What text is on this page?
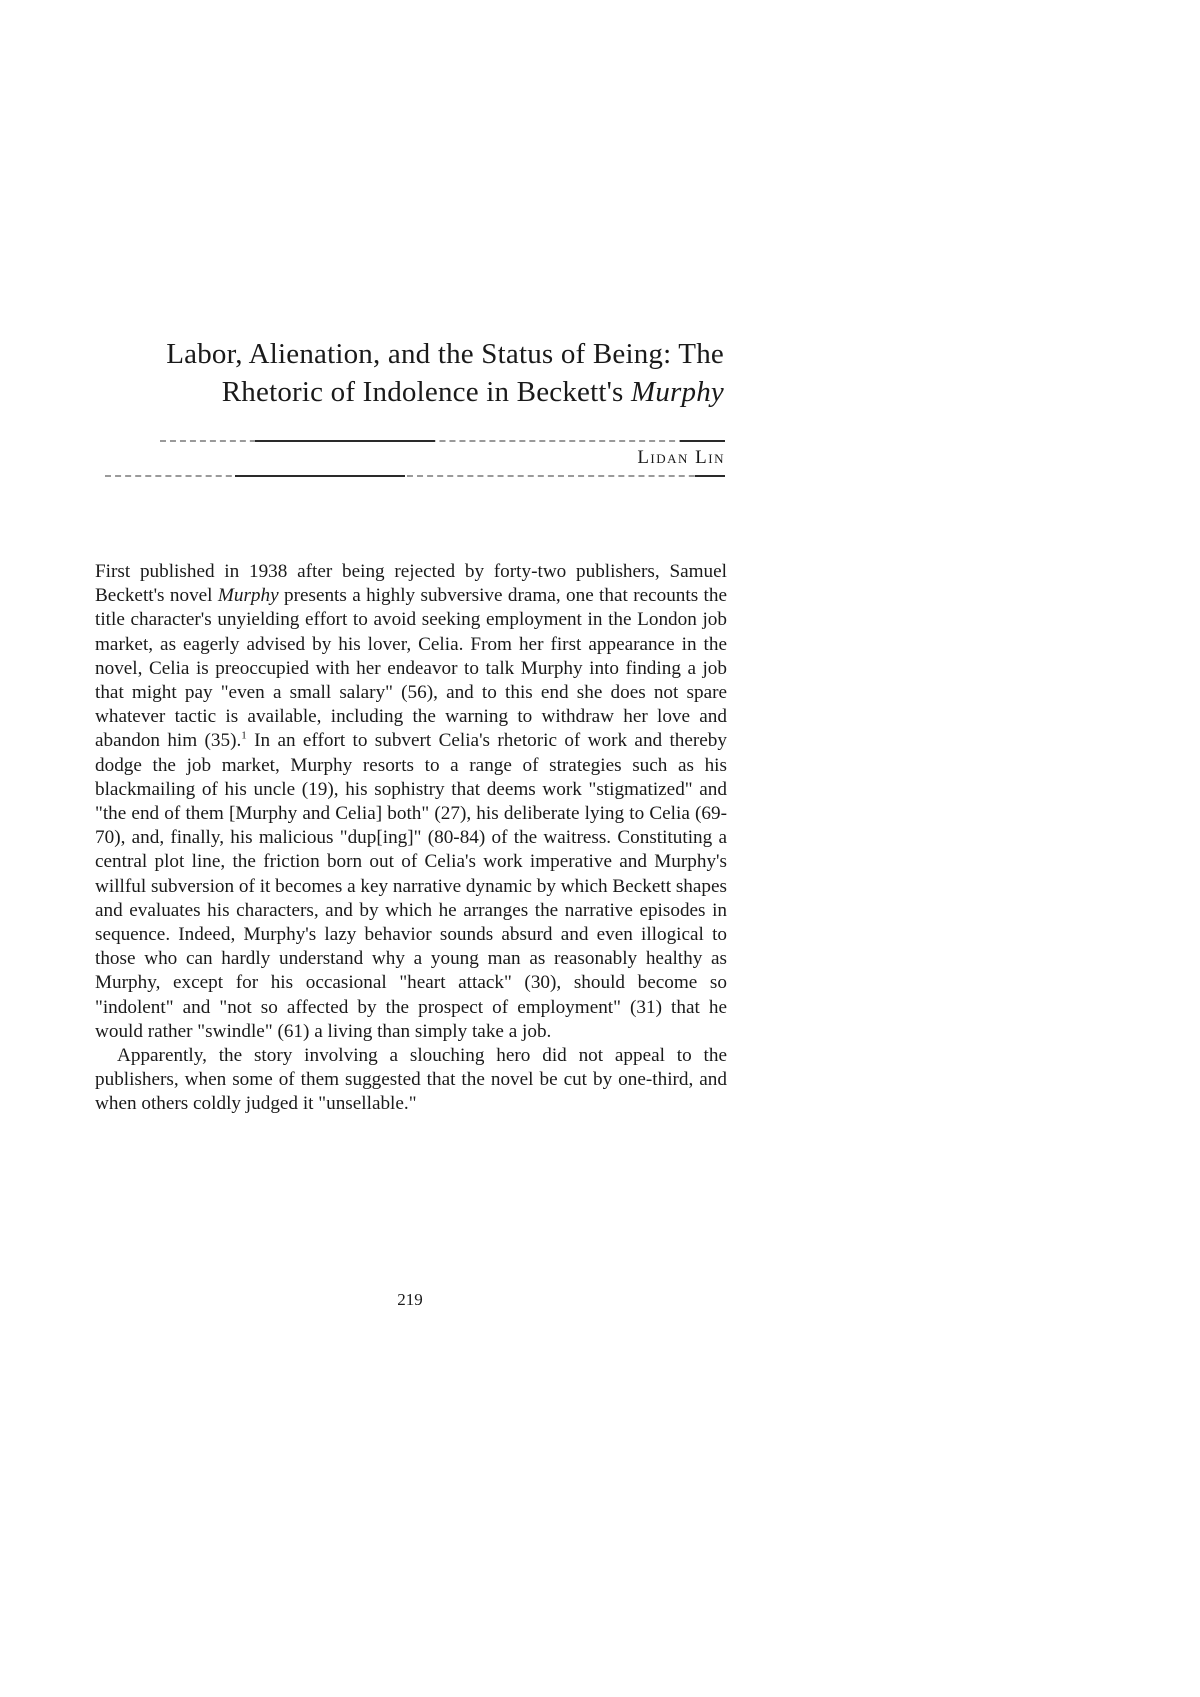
Labor, Alienation, and the Status of Being: The
Rhetoric of Indolence in Beckett's Murphy
Lidan Lin

First published in 1938 after being rejected by forty-two publishers, Samuel Beckett's novel Murphy presents a highly subversive drama, one that recounts the title character's unyielding effort to avoid seeking employment in the London job market, as eagerly advised by his lover, Celia. From her first appearance in the novel, Celia is preoccupied with her endeavor to talk Murphy into finding a job that might pay "even a small salary" (56), and to this end she does not spare whatever tactic is available, including the warning to withdraw her love and abandon him (35).$^1$ In an effort to subvert Celia's rhetoric of work and thereby dodge the job market, Murphy resorts to a range of strategies such as his blackmailing of his uncle (19), his sophistry that deems work "stigmatized" and "the end of them [Murphy and Celia] both" (27), his deliberate lying to Celia (69-70), and, finally, his malicious "dup[ing]" (80-84) of the waitress. Constituting a central plot line, the friction born out of Celia's work imperative and Murphy's willful subversion of it becomes a key narrative dynamic by which Beckett shapes and evaluates his characters, and by which he arranges the narrative episodes in sequence. Indeed, Murphy's lazy behavior sounds absurd and even illogical to those who can hardly understand why a young man as reasonably healthy as Murphy, except for his occasional "heart attack" (30), should become so "indolent" and "not so affected by the prospect of employment" (31) that he would rather "swindle" (61) a living than simply take a job.

Apparently, the story involving a slouching hero did not appeal to the publishers, when some of them suggested that the novel be cut by one-third, and when others coldly judged it "unsellable."

219
